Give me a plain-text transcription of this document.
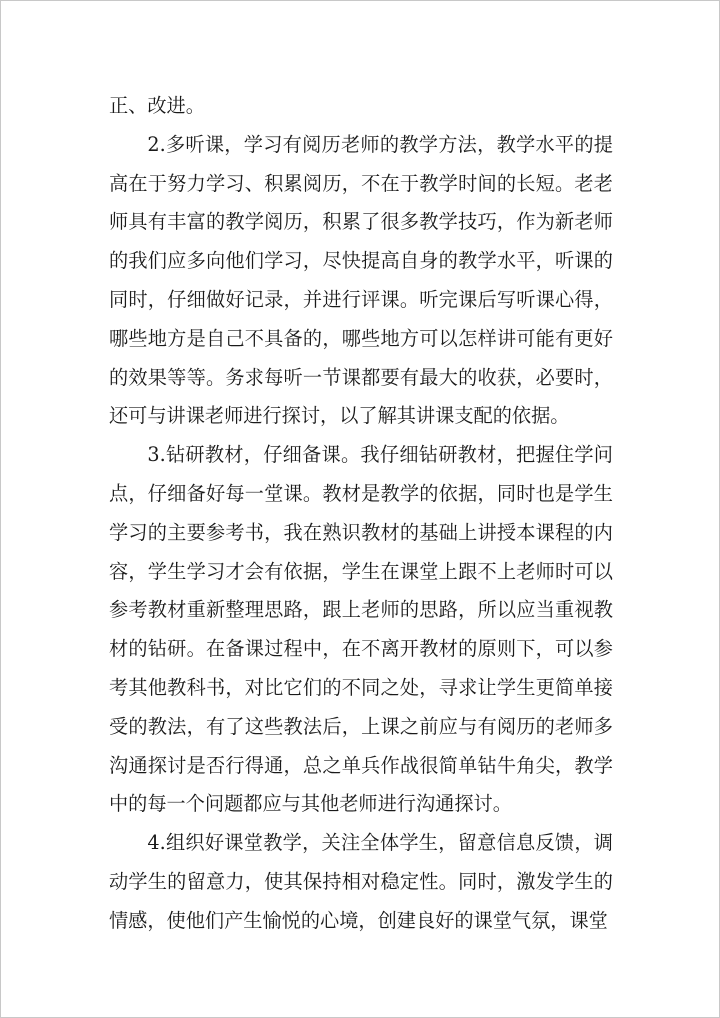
正、改进。

2.多听课，学习有阅历老师的教学方法，教学水平的提高在于努力学习、积累阅历，不在于教学时间的长短。老老师具有丰富的教学阅历，积累了很多教学技巧，作为新老师的我们应多向他们学习，尽快提高自身的教学水平，听课的同时，仔细做好记录，并进行评课。听完课后写听课心得，哪些地方是自己不具备的，哪些地方可以怎样讲可能有更好的效果等等。务求每听一节课都要有最大的收获，必要时，还可与讲课老师进行探讨，以了解其讲课支配的依据。

3.钻研教材，仔细备课。我仔细钻研教材，把握住学问点，仔细备好每一堂课。教材是教学的依据，同时也是学生学习的主要参考书，我在熟识教材的基础上讲授本课程的内容，学生学习才会有依据，学生在课堂上跟不上老师时可以参考教材重新整理思路，跟上老师的思路，所以应当重视教材的钻研。在备课过程中，在不离开教材的原则下，可以参考其他教科书，对比它们的不同之处，寻求让学生更简单接受的教法，有了这些教法后，上课之前应与有阅历的老师多沟通探讨是否行得通，总之单兵作战很简单钻牛角尖，教学中的每一个问题都应与其他老师进行沟通探讨。

4.组织好课堂教学，关注全体学生，留意信息反馈，调动学生的留意力，使其保持相对稳定性。同时，激发学生的情感，使他们产生愉悦的心境，创建良好的课堂气氛，课堂
